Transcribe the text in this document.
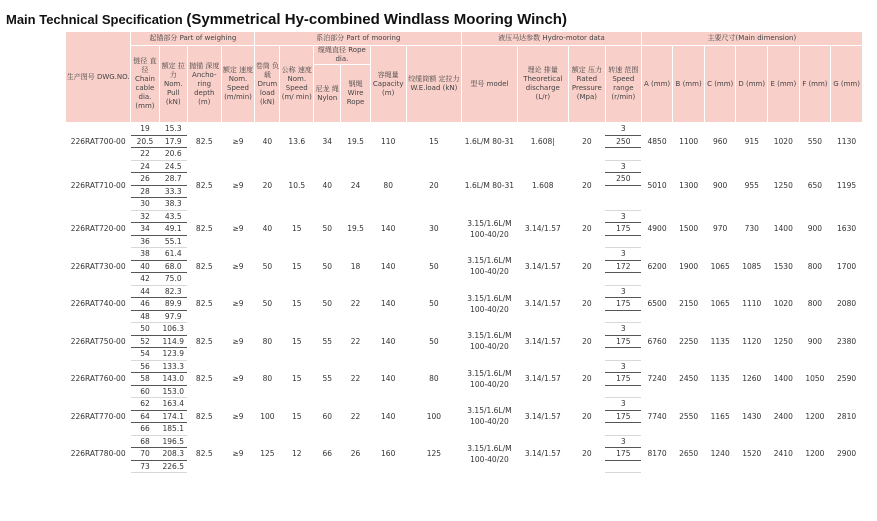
Main Technical Specification (Symmetrical Hy-combined Windlass Mooring Winch)
生产图号 DWG.NO.	起锚部分 Part of weighing				系泊部分 Part of mooring						液压马达参数 Hydro-motor data				主要尺寸(Main dimension)						
	链径 直径 Chain cable dia. (mm)	额定 拉力 Nom. Pull (kN)	抛锚 深度 Ancho- ring depth (m)	额定 速度 Nom. Speed (m/min)	卷筒 负载 Drum load (kN)	公称 速度 Nom. Speed (m/ min)	缆绳直径 Rope dia.		容绳量 Capacity (m)	绞缆筒额 定拉力 W.E.load (kN)	型号 model	理论 排量 Theoretical discharge (L/r)	额定 压力 Rated Pressure (Mpa)	转速 范围 Speed range (r/min)	A (mm)	B (mm)	C (mm)	D (mm)	E (mm)	F (mm)	G (mm)
							尼龙 绳 Nylon	钢绳 Wire Rope													
226RAT700-00	19	15.3	82.5	≥9	40	13.6	34	19.5	110	15	1.6L/M 80-31	1.608|	20	3	4850	1100	960	915	1020	550	1130
	20.5	17.9												250							
	22	20.6																			
226RAT710-00	24	24.5	82.5	≥9	20	10.5	40	24	80	20	1.6L/M 80-31	1.608	20	3	5010	1300	900	955	1250	650	1195
	26	28.7												250							
	28	33.3																			
	30	38.3																			
226RAT720-00	32	43.5	82.5	≥9	40	15	50	19.5	140	30	3.15/1.6L/M 100-40/20	3.14/1.57	20	3	4900	1500	970	730	1400	900	1630
	34	49.1												175							
	36	55.1																			
226RAT730-00	38	61.4	82.5	≥9	50	15	50	18	140	50	3.15/1.6L/M 100-40/20	3.14/1.57	20	3	6200	1900	1065	1085	1530	800	1700
	40	68.0												172							
	42	75.0																			
226RAT740-00	44	82.3	82.5	≥9	50	15	50	22	140	50	3.15/1.6L/M 100-40/20	3.14/1.57	20	3	6500	2150	1065	1110	1020	800	2080
	46	89.9												175							
	48	97.9																			
226RAT750-00	50	106.3	82.5	≥9	80	15	55	22	140	50	3.15/1.6L/M 100-40/20	3.14/1.57	20	3	6760	2250	1135	1120	1250	900	2380
	52	114.9												175							
	54	123.9																			
226RAT760-00	56	133.3	82.5	≥9	80	15	55	22	140	80	3.15/1.6L/M 100-40/20	3.14/1.57	20	3	7240	2450	1135	1260	1400	1050	2590
	58	143.0												175							
	60	153.0																			
226RAT770-00	62	163.4	82.5	≥9	100	15	60	22	140	100	3.15/1.6L/M 100-40/20	3.14/1.57	20	3	7740	2550	1165	1430	2400	1200	2810
	64	174.1												175							
	66	185.1																			
226RAT780-00	68	196.5	82.5	≥9	125	12	66	26	160	125	3.15/1.6L/M 100-40/20	3.14/1.57	20	3	8170	2650	1240	1520	2410	1200	2900
	70	208.3												175							
	73	226.5																			
